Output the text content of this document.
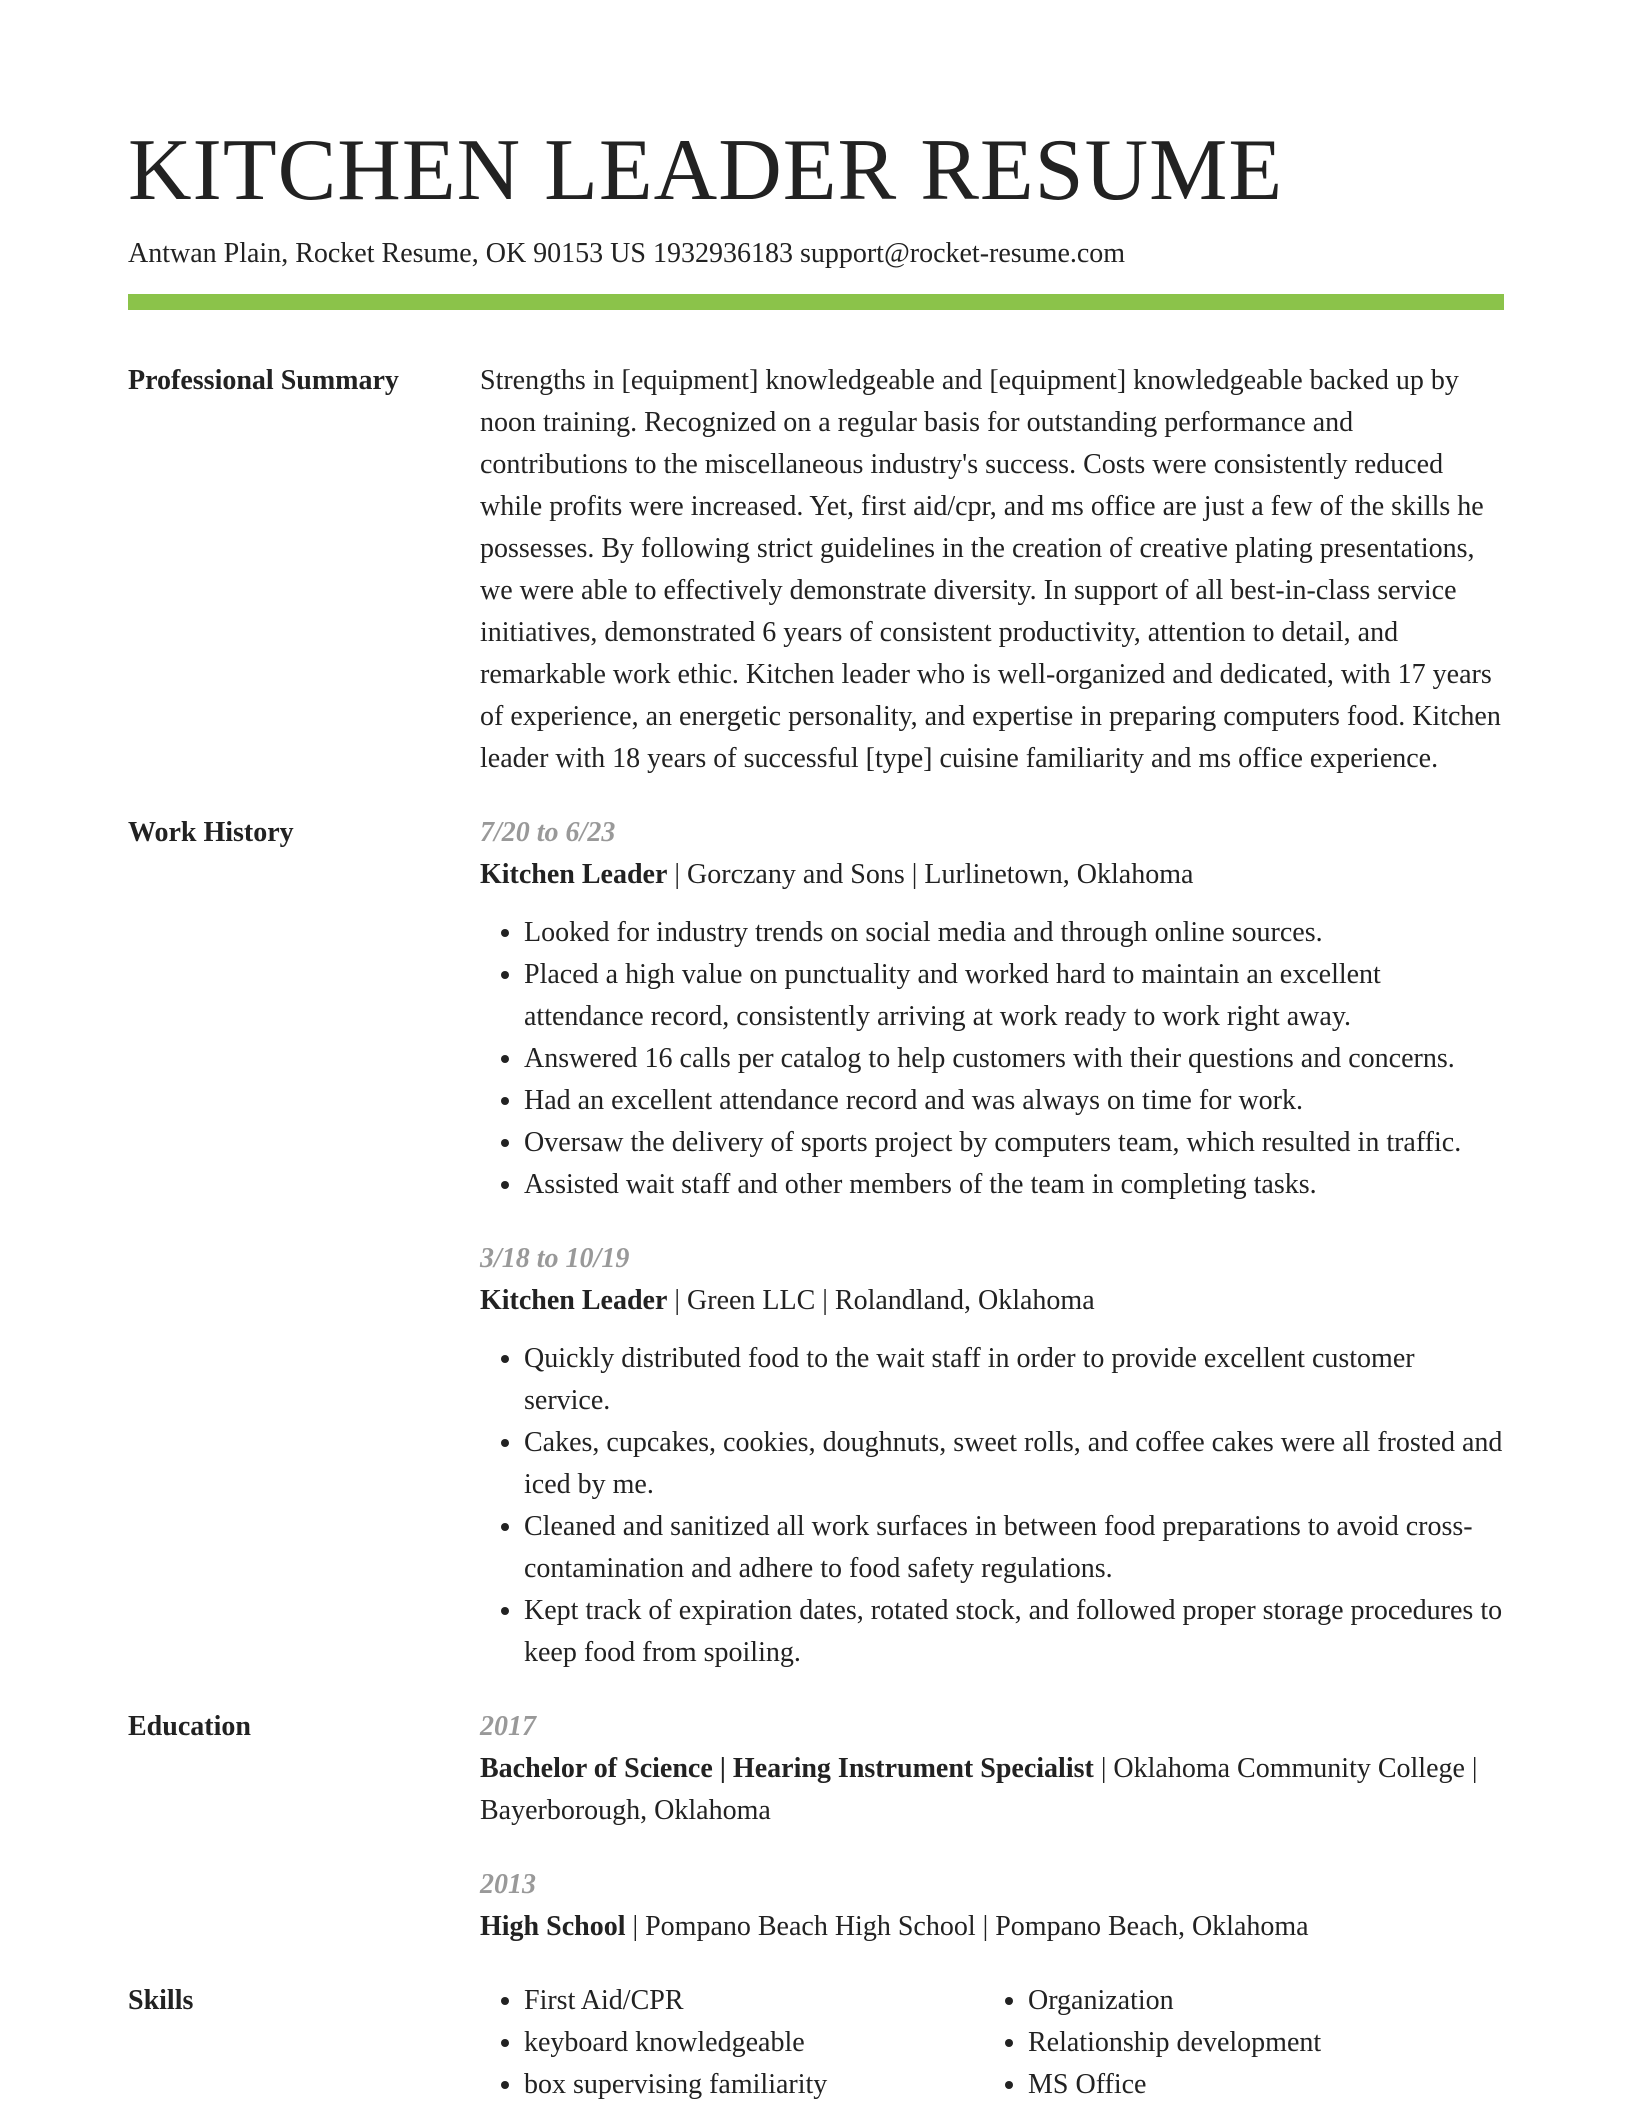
KITCHEN LEADER RESUME
Antwan Plain, Rocket Resume, OK 90153 US 1932936183 support@rocket-resume.com
Professional Summary	Strengths in [equipment] knowledgeable and [equipment] knowledgeable backed up by noon training. Recognized on a regular basis for outstanding performance and contributions to the miscellaneous industry's success. Costs were consistently reduced while profits were increased. Yet, first aid/cpr, and ms office are just a few of the skills he possesses. By following strict guidelines in the creation of creative plating presentations, we were able to effectively demonstrate diversity. In support of all best-in-class service initiatives, demonstrated 6 years of consistent productivity, attention to detail, and remarkable work ethic. Kitchen leader who is well-organized and dedicated, with 17 years of experience, an energetic personality, and expertise in preparing computers food. Kitchen leader with 18 years of successful [type] cuisine familiarity and ms office experience.

Work History	7/20 to 6/23

Kitchen Leader | Gorczany and Sons | Lurlinetown, Oklahoma

• Looked for industry trends on social media and through online sources.
• Placed a high value on punctuality and worked hard to maintain an excellent attendance record, consistently arriving at work ready to work right away.
• Answered 16 calls per catalog to help customers with their questions and concerns.
• Had an excellent attendance record and was always on time for work.
• Oversaw the delivery of sports project by computers team, which resulted in traffic.
• Assisted wait staff and other members of the team in completing tasks.
3/18 to 10/19

Kitchen Leader | Green LLC | Rolandland, Oklahoma

• Quickly distributed food to the wait staff in order to provide excellent customer service.
• Cakes, cupcakes, cookies, doughnuts, sweet rolls, and coffee cakes were all frosted and iced by me.
• Cleaned and sanitized all work surfaces in between food preparations to avoid cross-contamination and adhere to food safety regulations.
• Kept track of expiration dates, rotated stock, and followed proper storage procedures to keep food from spoiling.
Education	2017

Bachelor of Science | Hearing Instrument Specialist | Oklahoma Community College | Bayerborough, Oklahoma

2013

High School | Pompano Beach High School | Pompano Beach, Oklahoma

Skills
•	First Aid/CPR
• keyboard knowledgeable
• box supervising familiarity
• Organization
• Relationship development
• MS Office
